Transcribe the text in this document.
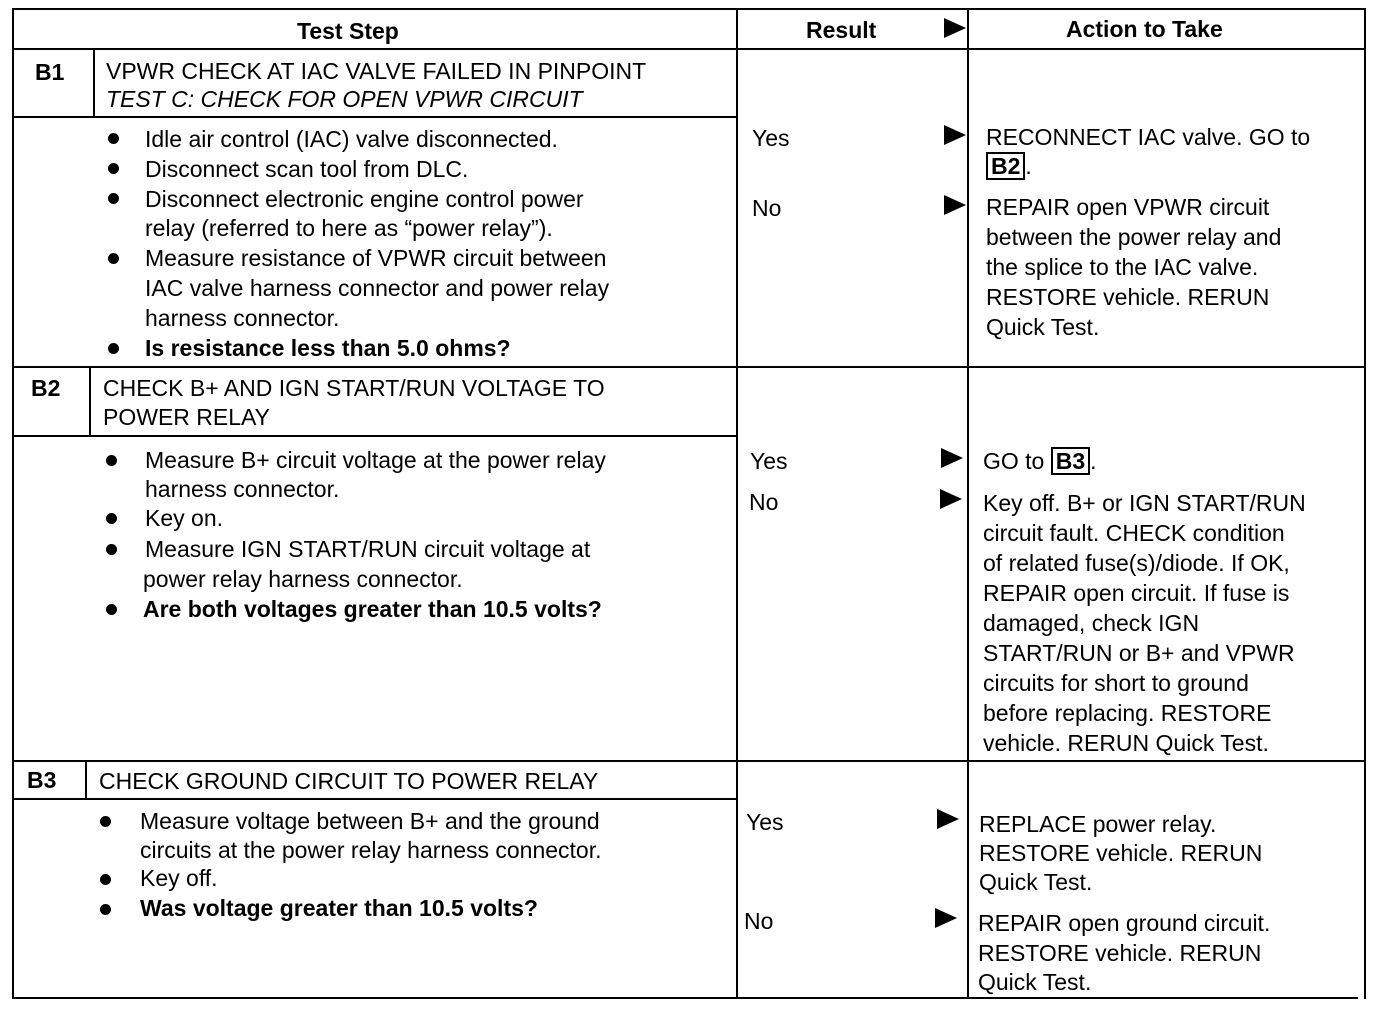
Test Step	Result	Action to Take
B1 VPWR CHECK AT IAC VALVE FAILED IN PINPOINT
TEST C: CHECK FOR OPEN VPWR CIRCUIT
Idle air control (IAC) valve disconnected.
Disconnect scan tool from DLC.
Disconnect electronic engine control power
relay (referred to here as “power relay”).
Measure resistance of VPWR circuit between
IAC valve harness connector and power relay
harness connector.
Is resistance less than 5.0 ohms?
Yes	RECONNECT IAC valve. GO to
B2 .
No	REPAIR open VPWR circuit
between the power relay and
the splice to the IAC valve.
RESTORE vehicle. RERUN
Quick Test.
B2 CHECK B+ AND IGN START/RUN VOLTAGE TO
POWER RELAY
Measure B+ circuit voltage at the power relay
harness connector.
Key on.
Measure IGN START/RUN circuit voltage at
power relay harness connector.
Are both voltages greater than 10.5 volts?
Yes	GO to B3 .
No	Key off. B+ or IGN START/RUN
circuit fault. CHECK condition
of related fuse(s)/diode. If OK,
REPAIR open circuit. If fuse is
damaged, check IGN
START/RUN or B+ and VPWR
circuits for short to ground
before replacing. RESTORE
vehicle. RERUN Quick Test.
B3 CHECK GROUND CIRCUIT TO POWER RELAY
Measure voltage between B+ and the ground
circuits at the power relay harness connector.
Key off.
Was voltage greater than 10.5 volts?
Yes	REPLACE power relay.
RESTORE vehicle. RERUN
Quick Test.
No	REPAIR open ground circuit.
RESTORE vehicle. RERUN
Quick Test.
